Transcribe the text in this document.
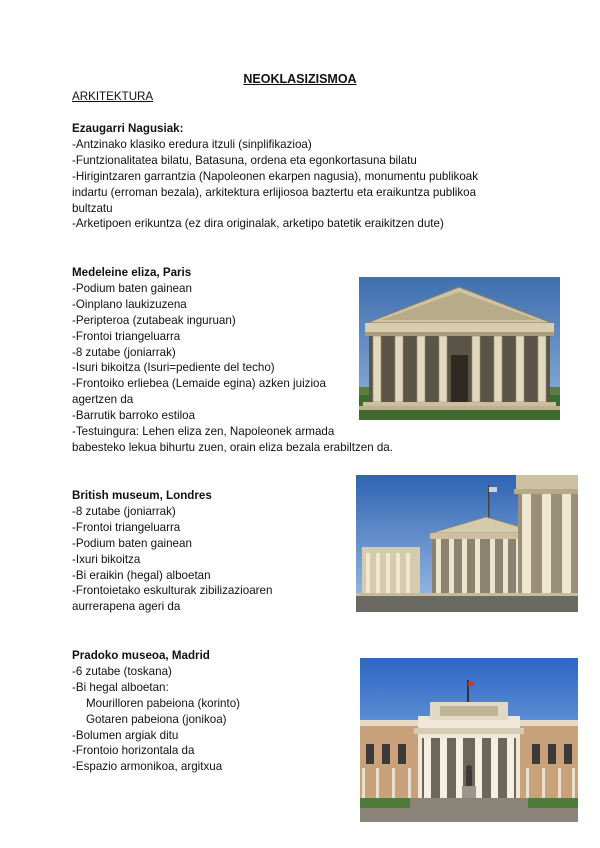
NEOKLASIZISMOA
ARKITEKTURA
Ezaugarri Nagusiak:
-Antzinako klasiko eredura itzuli (sinplifikazioa)
-Funtzionalitatea bilatu, Batasuna, ordena eta egonkortasuna bilatu
-Hirigintzaren garrantzia (Napoleonen ekarpen nagusia), monumentu publikoak
indartu (erroman bezala), arkitektura erlijiosoa baztertu eta eraikuntza publikoa
bultzatu
-Arketipoen erikuntza (ez dira originalak, arketipo batetik eraikitzen dute)
Medeleine eliza, Paris
-Podium baten gainean
-Oinplano laukizuzena
-Peripteroa (zutabeak inguruan)
-Frontoi triangeluarra
-8 zutabe (joniarrak)
-Isuri bikoitza (Isuri=pediente del techo)
-Frontoiko erliebea (Lemaide egina) azken juizioa
agertzen da
-Barrutik barroko estiloa
-Testuingura: Lehen eliza zen, Napoleonek armada
babesteko lekua bihurtu zuen, orain eliza bezala erabiltzen da.
British museum, Londres
-8 zutabe (joniarrak)
-Frontoi triangeluarra
-Podium baten gainean
-Ixuri bikoitza
-Bi eraikin (hegal) alboetan
-Frontoietako eskulturak zibilizazioaren
aurrerapena ageri da
Pradoko museoa, Madrid
-6 zutabe (toskana)
-Bi hegal alboetan:
Mourilloren pabeiona (korinto)
Gotaren pabeiona (jonikoa)
-Bolumen argiak ditu
-Frontoio horizontala da
-Espazio armonikoa, argitxua
